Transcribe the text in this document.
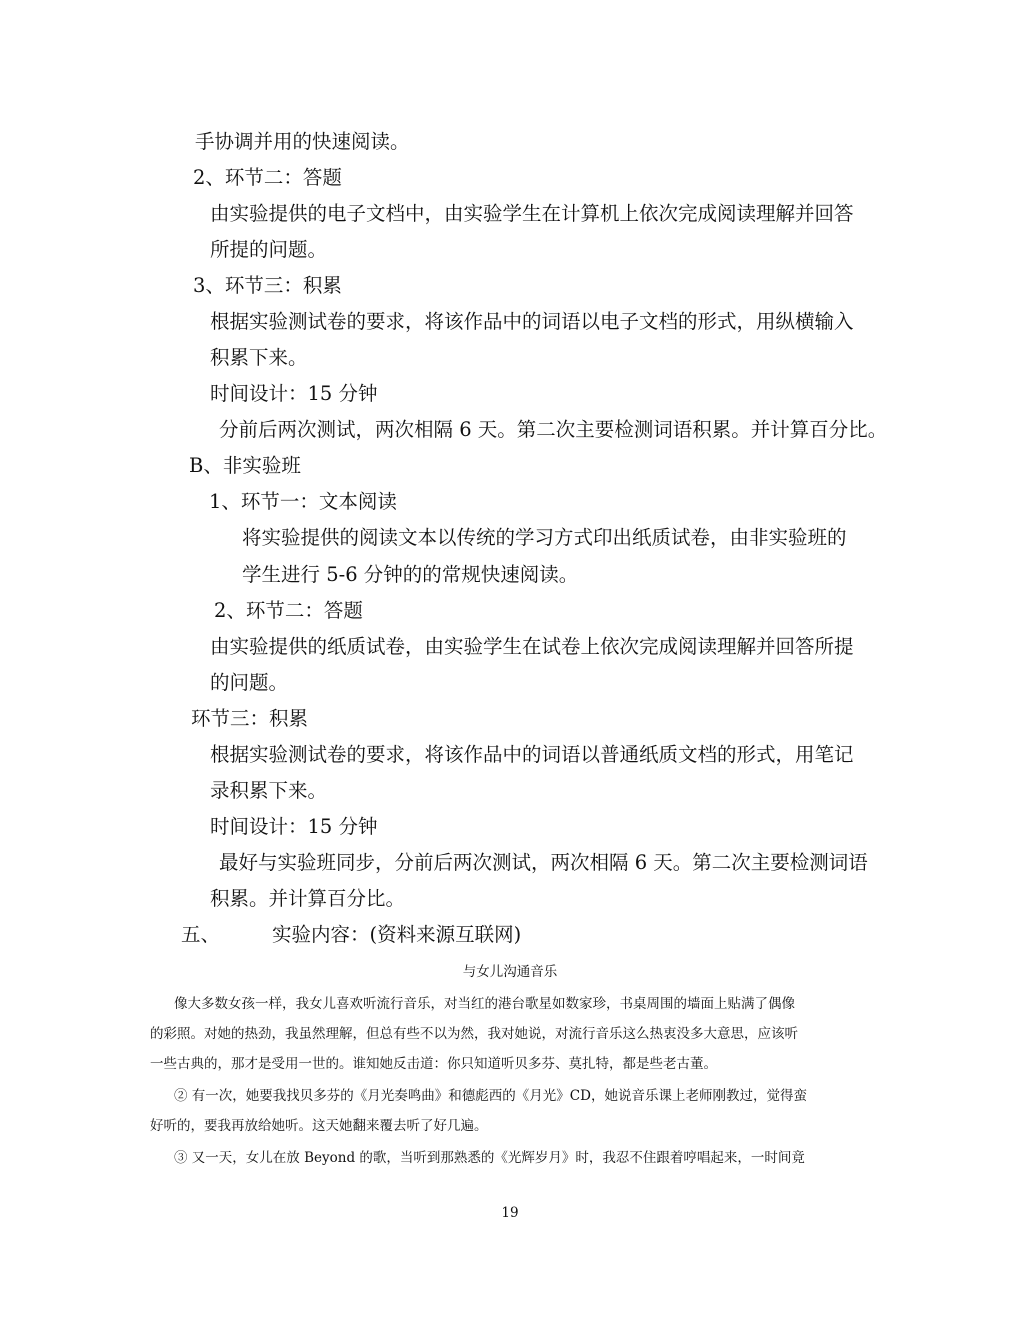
手协调并用的快速阅读。
2、环节二：答题
由实验提供的电子文档中，由实验学生在计算机上依次完成阅读理解并回答
所提的问题。
3、环节三：积累
根据实验测试卷的要求，将该作品中的词语以电子文档的形式，用纵横输入
积累下来。
时间设计：15 分钟
分前后两次测试，两次相隔 6 天。第二次主要检测词语积累。并计算百分比。
B、非实验班
1、环节一：文本阅读
将实验提供的阅读文本以传统的学习方式印出纸质试卷，由非实验班的
学生进行 5-6 分钟的的常规快速阅读。
2、环节二：答题
由实验提供的纸质试卷，由实验学生在试卷上依次完成阅读理解并回答所提
的问题。
环节三：积累
根据实验测试卷的要求，将该作品中的词语以普通纸质文档的形式，用笔记
录积累下来。
时间设计：15 分钟
最好与实验班同步，分前后两次测试，两次相隔 6 天。第二次主要检测词语
积累。并计算百分比。
五、	实验内容：(资料来源互联网)
与女儿沟通音乐
像大多数女孩一样，我女儿喜欢听流行音乐，对当红的港台歌星如数家珍，书桌周围的墙面上贴满了偶像
的彩照。对她的热劲，我虽然理解，但总有些不以为然，我对她说，对流行音乐这么热衷没多大意思，应该听
一些古典的，那才是受用一世的。谁知她反击道：你只知道听贝多芬、莫扎特，都是些老古董。
② 有一次，她要我找贝多芬的《月光奏鸣曲》和德彪西的《月光》CD，她说音乐课上老师刚教过，觉得蛮
好听的，要我再放给她听。这天她翻来覆去听了好几遍。
③ 又一天，女儿在放 Beyond 的歌，当听到那熟悉的《光辉岁月》时，我忍不住跟着哼唱起来，一时间竟
19
